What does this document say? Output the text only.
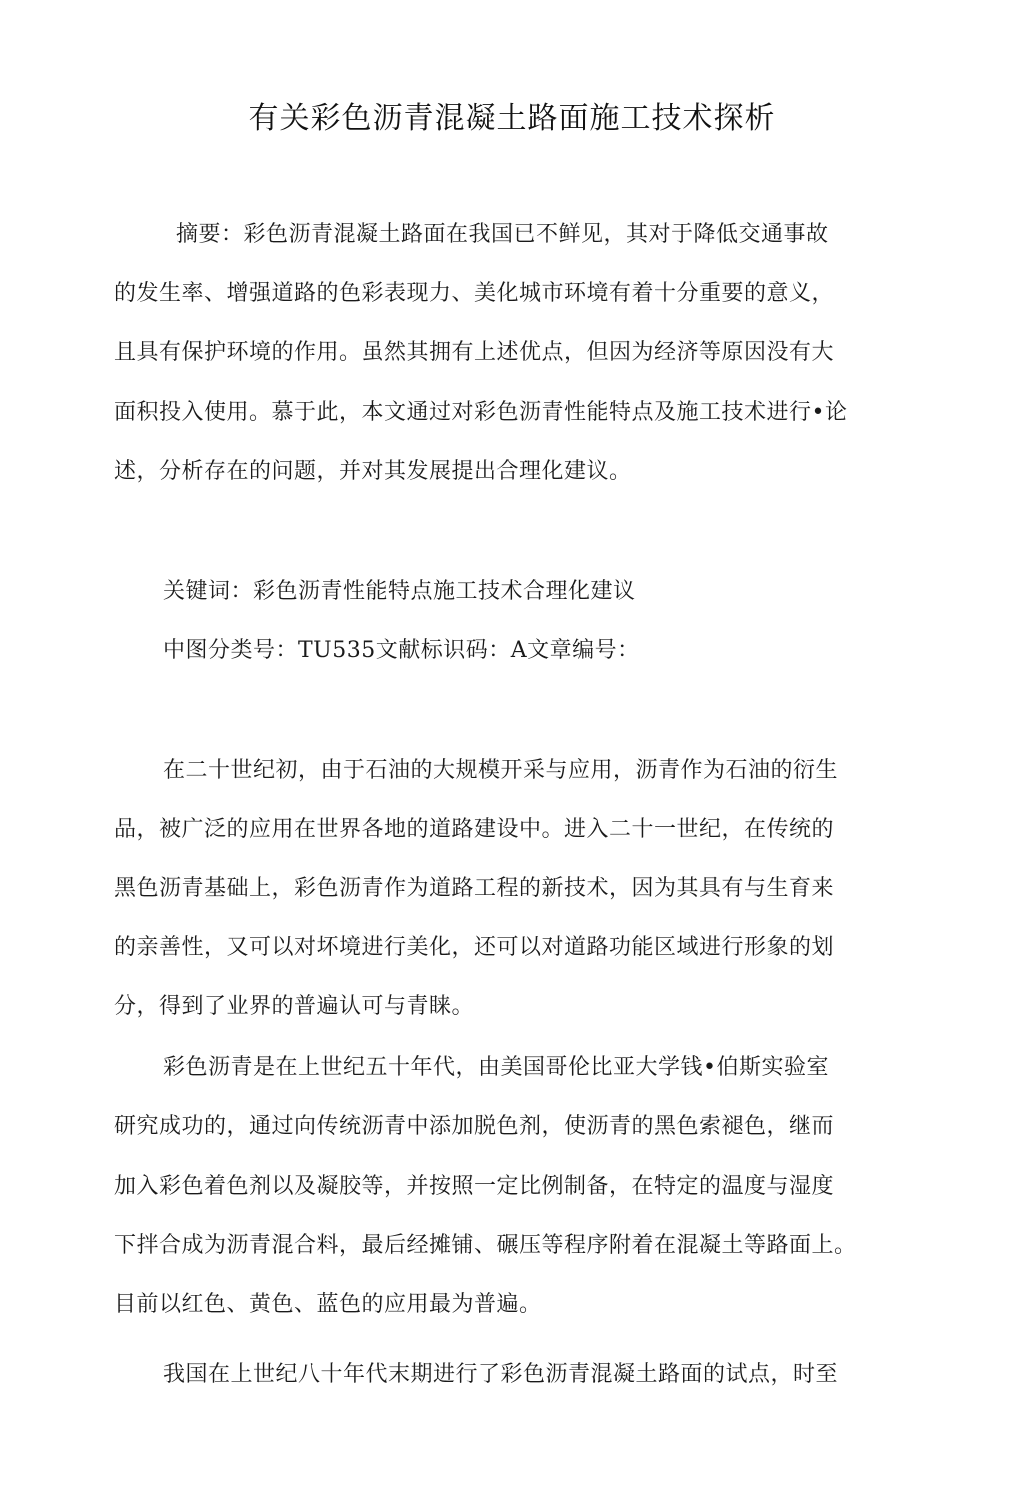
有关彩色沥青混凝土路面施工技术探析

摘要：彩色沥青混凝土路面在我国已不鲜见，其对于降低交通事故

的发生率、增强道路的色彩表现力、美化城市环境有着十分重要的意义，

且具有保护环境的作用。虽然其拥有上述优点，但因为经济等原因没有大

面积投入使用。慕于此，本文通过对彩色沥青性能特点及施工技术进行•论

述，分析存在的问题，并对其发展提出合理化建议。

关键词：彩色沥青性能特点施工技术合理化建议

中图分类号：TU535文献标识码：A文章编号：

在二十世纪初，由于石油的大规模开采与应用，沥青作为石油的衍生

品，被广泛的应用在世界各地的道路建设中。进入二十一世纪，在传统的

黑色沥青基础上，彩色沥青作为道路工程的新技术，因为其具有与生育来

的亲善性，又可以对坏境进行美化，还可以对道路功能区域进行形象的划

分，得到了业界的普遍认可与青睐。

彩色沥青是在上世纪五十年代，由美国哥伦比亚大学钱•伯斯实验室

研究成功的，通过向传统沥青中添加脱色剂，使沥青的黑色索褪色，继而

加入彩色着色剂以及凝胶等，并按照一定比例制备，在特定的温度与湿度

下拌合成为沥青混合料，最后经摊铺、碾压等程序附着在混凝土等路面上。

目前以红色、黄色、蓝色的应用最为普遍。

我国在上世纪八十年代末期进行了彩色沥青混凝土路面的试点，时至
